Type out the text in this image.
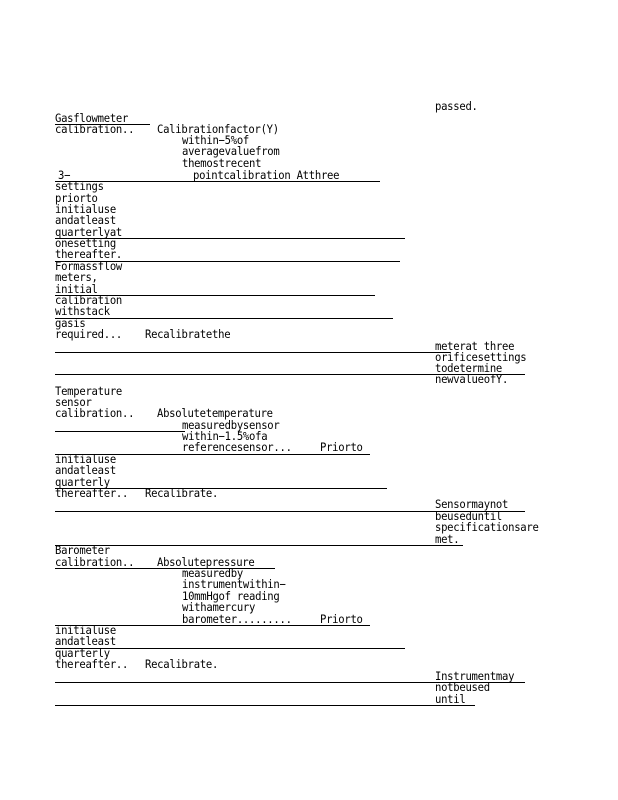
passed.
Gasflowmeter
calibration.. Calibrationfactor(Y)
within−5%of
averagevaluefrom
themostrecent
3−	pointcalibration Atthree
settings
priorto
initialuse
andatleast
quarterlyat
onesetting
thereafter.
Formassflow
meters,
initial
calibration
withstack
gasis
required... Recalibratethe
meterat three
orificesettings
todetermine
newvalueofY.
Temperature
sensor
calibration.. Absolutetemperature
measuredbysensor
within−1.5%ofa
referencesensor... Priorto
initialuse
andatleast
quarterly
thereafter.. Recalibrate.
Sensormaynot
beuseduntil
specificationsare
met.
Barometer
calibration.. Absolutepressure
measuredby
instrumentwithin−
10mmHgof reading
withamercury
barometer......... Priorto
initialuse
andatleast
quarterly
thereafter.. Recalibrate.
Instrumentmay
notbeused
until
